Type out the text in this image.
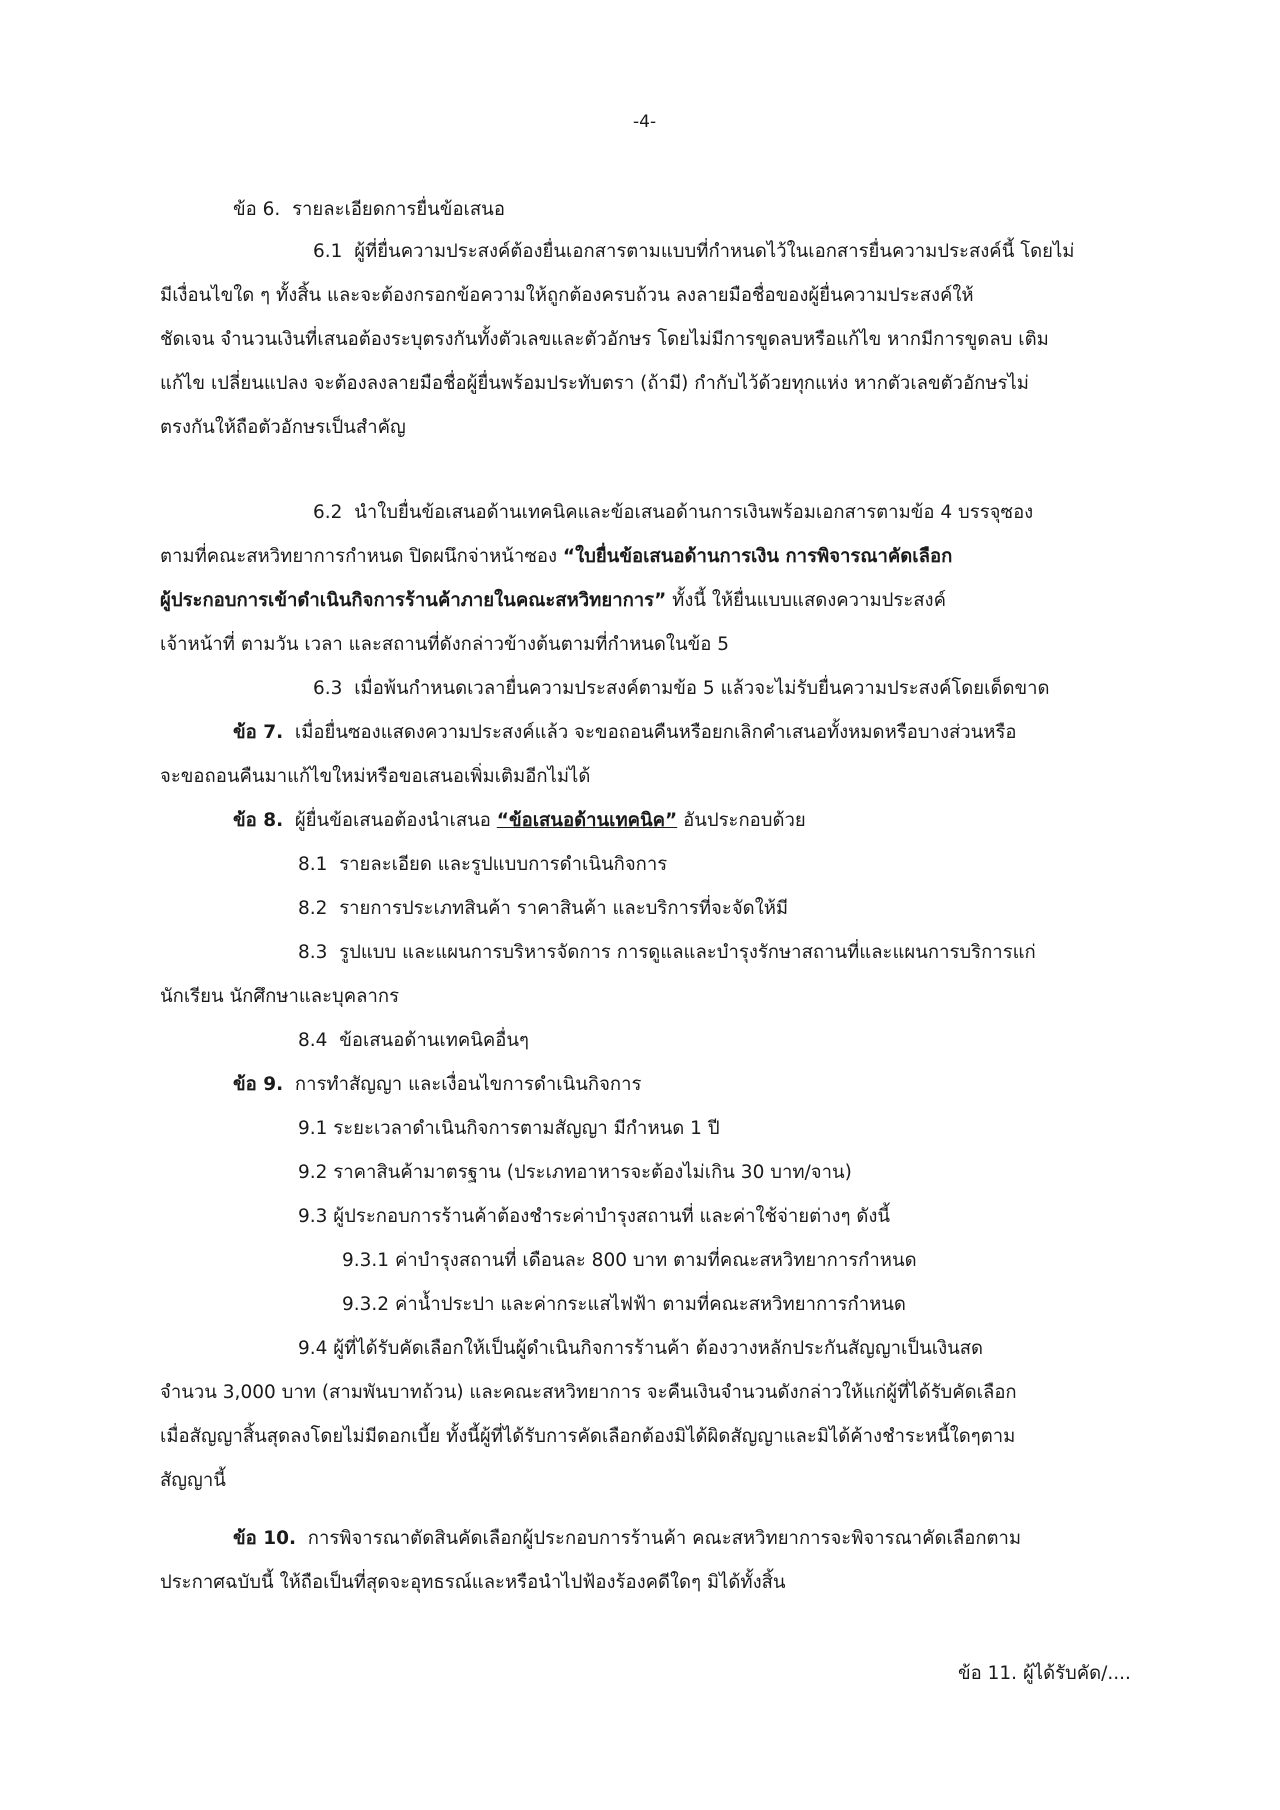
-4-
ข้อ 6. รายละเอียดการยื่นข้อเสนอ
6.1 ผู้ที่ยื่นความประสงค์ต้องยื่นเอกสารตามแบบที่กำหนดไว้ในเอกสารยื่นความประสงค์นี้ โดยไม่
มีเงื่อนไขใด ๆ ทั้งสิ้น และจะต้องกรอกข้อความให้ถูกต้องครบถ้วน ลงลายมือชื่อของผู้ยื่นความประสงค์ให้
ชัดเจน จำนวนเงินที่เสนอต้องระบุตรงกันทั้งตัวเลขและตัวอักษร โดยไม่มีการขูดลบหรือแก้ไข หากมีการขูดลบ เติม
แก้ไข เปลี่ยนแปลง จะต้องลงลายมือชื่อผู้ยื่นพร้อมประทับตรา (ถ้ามี) กำกับไว้ด้วยทุกแห่ง หากตัวเลขตัวอักษรไม่
ตรงกันให้ถือตัวอักษรเป็นสำคัญ
6.2 นำใบยื่นข้อเสนอด้านเทคนิคและข้อเสนอด้านการเงินพร้อมเอกสารตามข้อ 4 บรรจุซอง
ตามที่คณะสหวิทยาการกำหนด ปิดผนึกจ่าหน้าซอง “ใบยื่นข้อเสนอด้านการเงิน การพิจารณาคัดเลือก
ผู้ประกอบการเข้าดำเนินกิจการร้านค้าภายในคณะสหวิทยาการ” ทั้งนี้ ให้ยื่นแบบแสดงความประสงค์
เจ้าหน้าที่ ตามวัน เวลา และสถานที่ดังกล่าวข้างต้นตามที่กำหนดในข้อ 5
6.3 เมื่อพ้นกำหนดเวลายื่นความประสงค์ตามข้อ 5 แล้วจะไม่รับยื่นความประสงค์โดยเด็ดขาด
ข้อ 7. เมื่อยื่นซองแสดงความประสงค์แล้ว จะขอถอนคืนหรือยกเลิกคำเสนอทั้งหมดหรือบางส่วนหรือ
จะขอถอนคืนมาแก้ไขใหม่หรือขอเสนอเพิ่มเติมอีกไม่ได้
ข้อ 8. ผู้ยื่นข้อเสนอต้องนำเสนอ “ข้อเสนอด้านเทคนิค” อันประกอบด้วย
8.1 รายละเอียด และรูปแบบการดำเนินกิจการ
8.2 รายการประเภทสินค้า ราคาสินค้า และบริการที่จะจัดให้มี
8.3 รูปแบบ และแผนการบริหารจัดการ การดูแลและบำรุงรักษาสถานที่และแผนการบริการแก่
นักเรียน นักศึกษาและบุคลากร
8.4 ข้อเสนอด้านเทคนิคอื่นๆ
ข้อ 9. การทำสัญญา และเงื่อนไขการดำเนินกิจการ
9.1 ระยะเวลาดำเนินกิจการตามสัญญา มีกำหนด 1 ปี
9.2 ราคาสินค้ามาตรฐาน (ประเภทอาหารจะต้องไม่เกิน 30 บาท/จาน)
9.3 ผู้ประกอบการร้านค้าต้องชำระค่าบำรุงสถานที่ และค่าใช้จ่ายต่างๆ ดังนี้
9.3.1 ค่าบำรุงสถานที่ เดือนละ 800 บาท ตามที่คณะสหวิทยาการกำหนด
9.3.2 ค่าน้ำประปา และค่ากระแสไฟฟ้า ตามที่คณะสหวิทยาการกำหนด
9.4 ผู้ที่ได้รับคัดเลือกให้เป็นผู้ดำเนินกิจการร้านค้า ต้องวางหลักประกันสัญญาเป็นเงินสด
จำนวน 3,000 บาท (สามพันบาทถ้วน) และคณะสหวิทยาการ จะคืนเงินจำนวนดังกล่าวให้แก่ผู้ที่ได้รับคัดเลือก
เมื่อสัญญาสิ้นสุดลงโดยไม่มีดอกเบี้ย ทั้งนี้ผู้ที่ได้รับการคัดเลือกต้องมิได้ผิดสัญญาและมิได้ค้างชำระหนี้ใดๆตาม
สัญญานี้
ข้อ 10. การพิจารณาตัดสินคัดเลือกผู้ประกอบการร้านค้า คณะสหวิทยาการจะพิจารณาคัดเลือกตาม
ประกาศฉบับนี้ ให้ถือเป็นที่สุดจะอุทธรณ์และหรือนำไปฟ้องร้องคดีใดๆ มิได้ทั้งสิ้น
ข้อ 11. ผู้ได้รับคัด/....
